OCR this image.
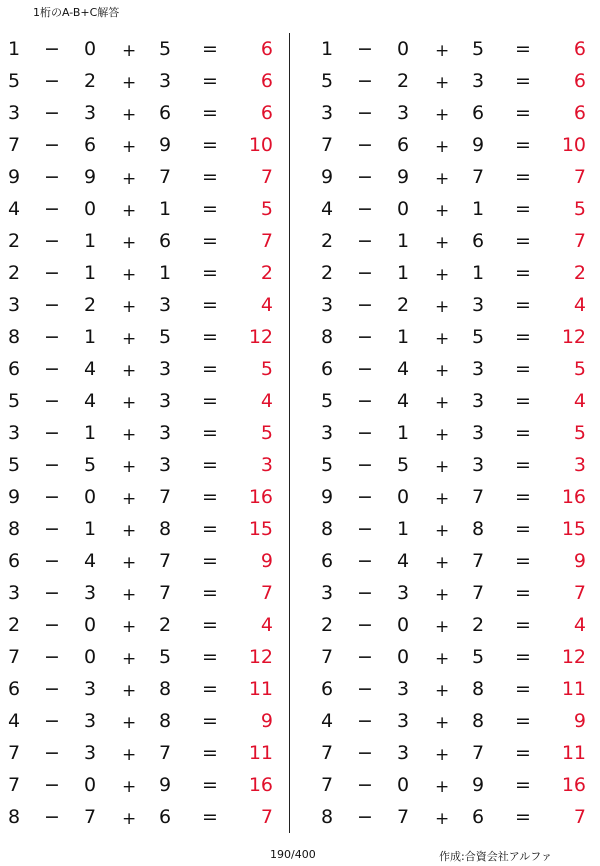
1桁のA-B+C解答
1 − 0 + 5 = 6
5 − 2 + 3 = 6
3 − 3 + 6 = 6
7 − 6 + 9 = 10
9 − 9 + 7 = 7
4 − 0 + 1 = 5
2 − 1 + 6 = 7
2 − 1 + 1 = 2
3 − 2 + 3 = 4
8 − 1 + 5 = 12
6 − 4 + 3 = 5
5 − 4 + 3 = 4
3 − 1 + 3 = 5
5 − 5 + 3 = 3
9 − 0 + 7 = 16
8 − 1 + 8 = 15
6 − 4 + 7 = 9
3 − 3 + 7 = 7
2 − 0 + 2 = 4
7 − 0 + 5 = 12
6 − 3 + 8 = 11
4 − 3 + 8 = 9
7 − 3 + 7 = 11
7 − 0 + 9 = 16
8 − 7 + 6 = 7
1 − 0 + 5 = 6
5 − 2 + 3 = 6
3 − 3 + 6 = 6
7 − 6 + 9 = 10
9 − 9 + 7 = 7
4 − 0 + 1 = 5
2 − 1 + 6 = 7
2 − 1 + 1 = 2
3 − 2 + 3 = 4
8 − 1 + 5 = 12
6 − 4 + 3 = 5
5 − 4 + 3 = 4
3 − 1 + 3 = 5
5 − 5 + 3 = 3
9 − 0 + 7 = 16
8 − 1 + 8 = 15
6 − 4 + 7 = 9
3 − 3 + 7 = 7
2 − 0 + 2 = 4
7 − 0 + 5 = 12
6 − 3 + 8 = 11
4 − 3 + 8 = 9
7 − 3 + 7 = 11
7 − 0 + 9 = 16
8 − 7 + 6 = 7
190/400	作成:合資会社アルファ
